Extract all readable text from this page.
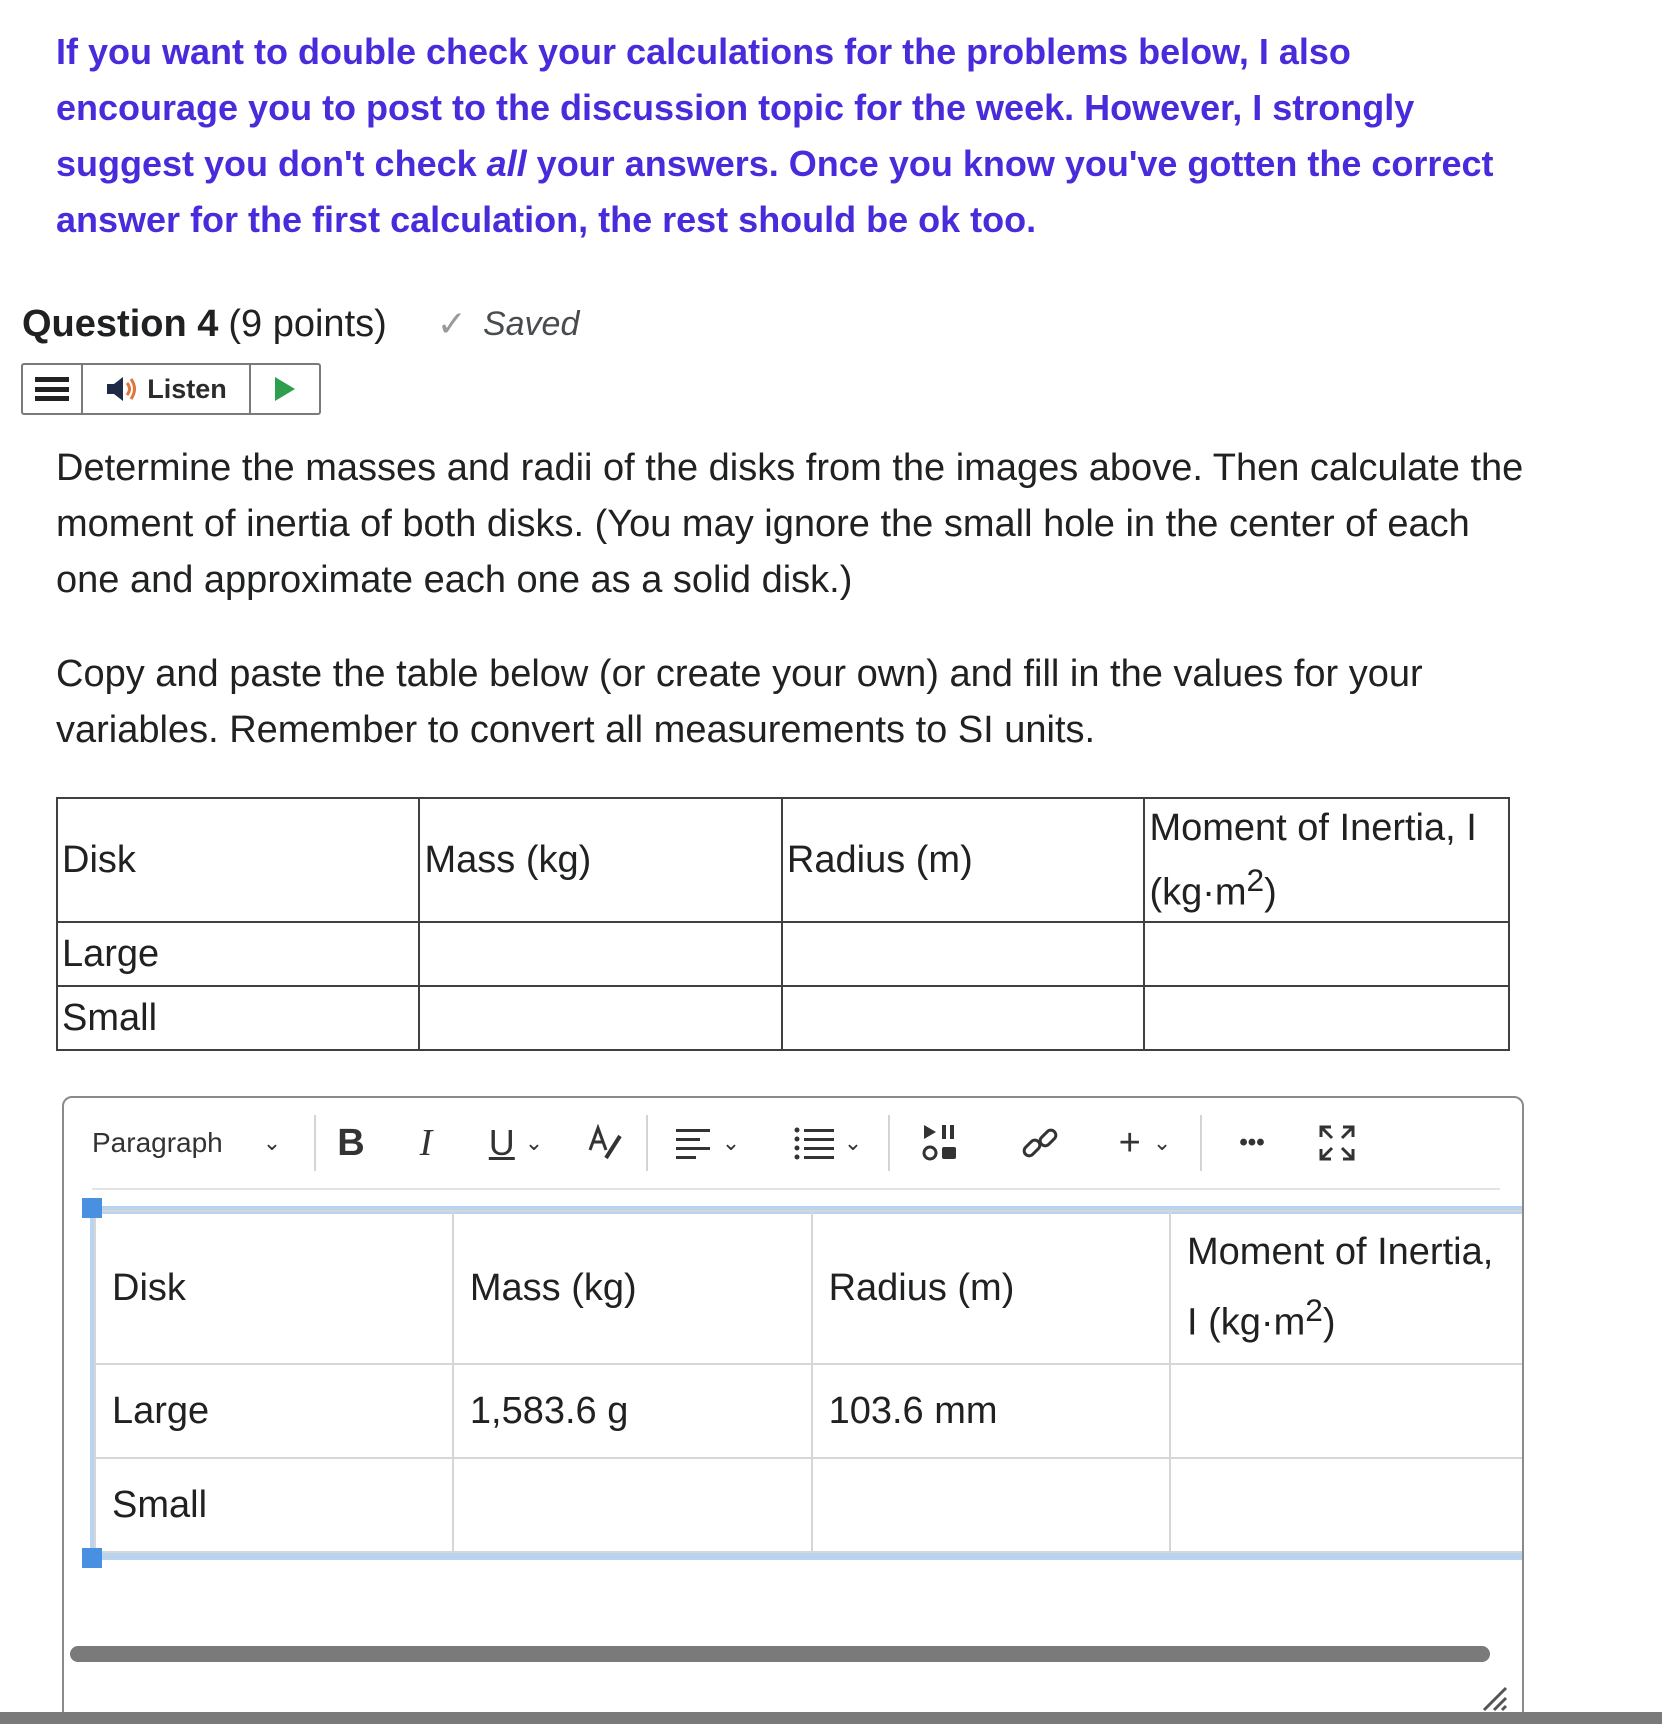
If you want to double check your calculations for the problems below, I also encourage you to post to the discussion topic for the week. However, I strongly suggest you don't check all your answers. Once you know you've gotten the correct answer for the first calculation, the rest should be ok too.
Question 4 (9 points) ✓ Saved
Listen

Determine the masses and radii of the disks from the images above. Then calculate the moment of inertia of both disks. (You may ignore the small hole in the center of each one and approximate each one as a solid disk.)

Copy and paste the table below (or create your own) and fill in the values for your variables. Remember to convert all measurements to SI units.

Disk	Mass (kg)	Radius (m)	Moment of Inertia, I $(kg\cdot m^2)$
Large			
Small			
Paragraph ⌄ B I U ⌄	⌄	⌄	+ ⌄	•••
Disk	Mass (kg)	Radius (m)	Moment of Inertia, I $(kg\cdot m^2)$
Large	1,583.6 g	103.6 mm	
Small			
